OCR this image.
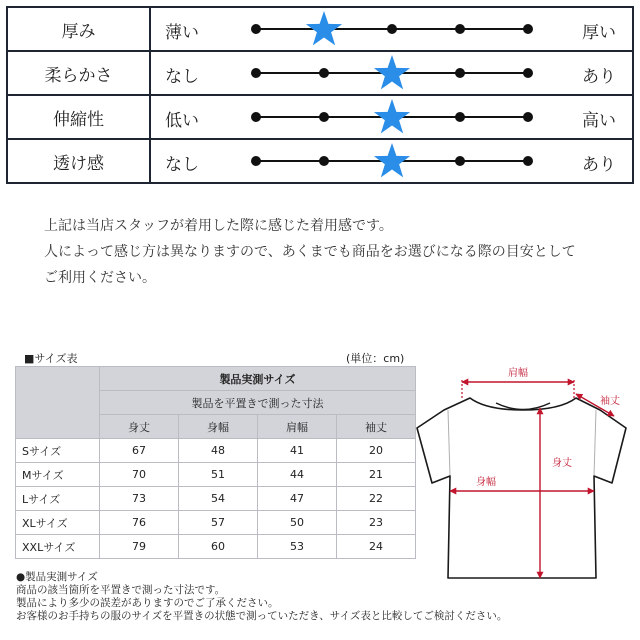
厚み	薄い 厚い

柔らかさ	なし あり

伸縮性	低い 高い

透け感	なし あり
上記は当店スタッフが着用した際に感じた着用感です。
人によって感じ方は異なりますので、あくまでも商品をお選びになる際の目安として
ご利用ください。
■サイズ表	(単位：cm)
	製品実測サイズ			
	製品を平置きで測った寸法			
	身丈	身幅	肩幅	袖丈
Sサイズ	67	48	41	20
Mサイズ	70	51	44	21
Lサイズ	73	54	47	22
XLサイズ	76	57	50	23
XXLサイズ	79	60	53	24
●製品実測サイズ
商品の該当箇所を平置きで測った寸法です。
製品により多少の誤差がありますのでご了承ください。
お客様のお手持ちの服のサイズを平置きの状態で測っていただき、サイズ表と比較してご検討ください。
肩幅
袖丈
身丈
身幅
